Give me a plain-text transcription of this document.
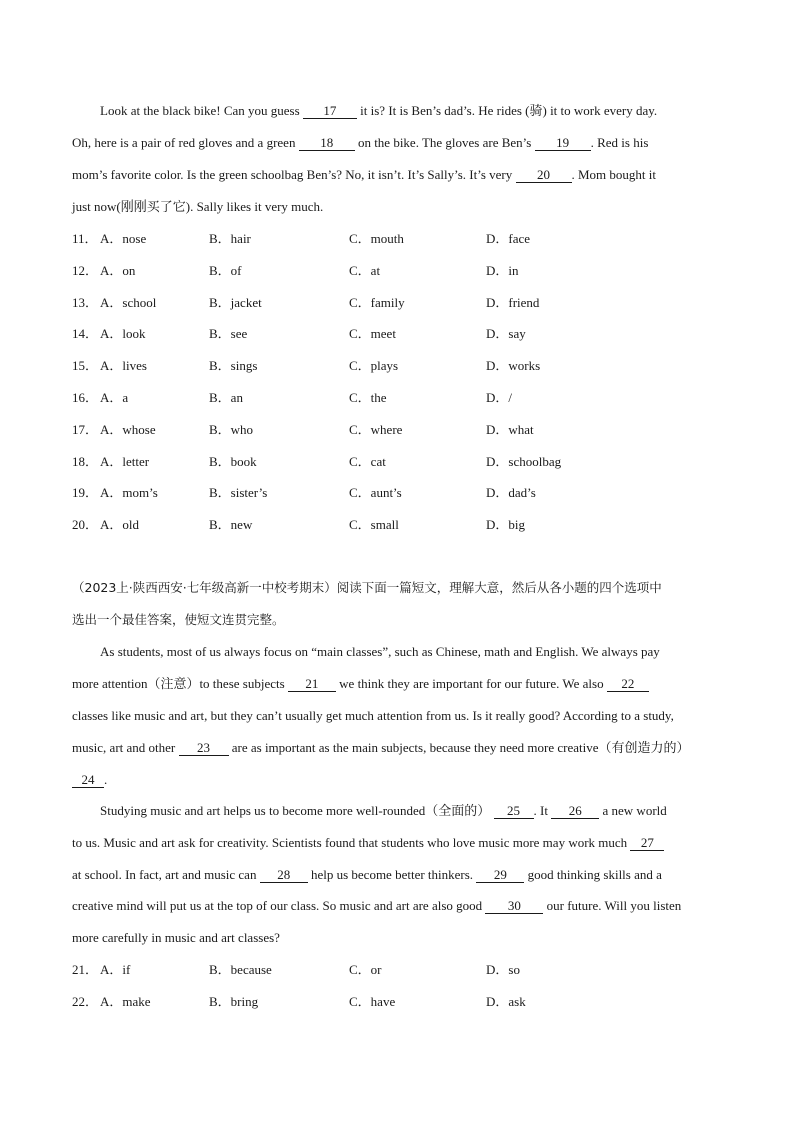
Look at the black bike! Can you guess 17 it is? It is Ben’s dad’s. He rides (骑) it to work every day.
Oh, here is a pair of red gloves and a green 18 on the bike. The gloves are Ben’s 19 . Red is his
mom’s favorite color. Is the green schoolbag Ben’s? No, it isn’t. It’s Sally’s. It’s very 20 . Mom bought it
just now(刚刚买了它). Sally likes it very much.
11． A．nose	B．hair	C．mouth	D．face
12． A．on	B．of	C．at	D．in
13． A．school	B．jacket	C．family	D．friend
14． A．look	B．see	C．meet	D．say
15． A．lives	B．sings	C．plays	D．works
16． A．a	B．an	C．the	D．/
17． A．whose	B．who	C．where	D．what
18． A．letter	B．book	C．cat	D．schoolbag
19． A．mom’s	B．sister’s	C．aunt’s	D．dad’s
20． A．old	B．new	C．small	D．big
（2023上·陕西西安·七年级高新一中校考期末）阅读下面一篇短文，理解大意，然后从各小题的四个选项中
选出一个最佳答案，使短文连贯完整。
As students, most of us always focus on “main classes”, such as Chinese, math and English. We always pay
more attention（注意）to these subjects 21 we think they are important for our future. We also 22
classes like music and art, but they can’t usually get much attention from us. Is it really good? According to a study,
music, art and other 23 are as important as the main subjects, because they need more creative（有创造力的）
24 .
Studying music and art helps us to become more well-rounded（全面的） 25 . It 26 a new world
to us. Music and art ask for creativity. Scientists found that students who love music more may work much 27
at school. In fact, art and music can 28 help us become better thinkers. 29 good thinking skills and a
creative mind will put us at the top of our class. So music and art are also good 30 our future. Will you listen
more carefully in music and art classes?
21． A．if	B．because	C．or	D．so
22． A．make	B．bring	C．have	D．ask
